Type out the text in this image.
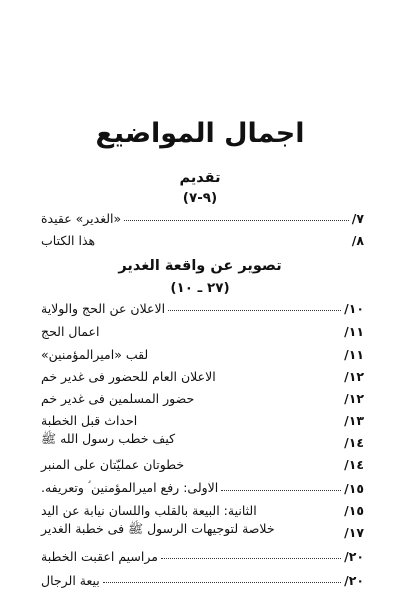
اجمال المواضيع
تقديم
(٩-٧)
٧/
«الغدير» عقيدة
٨/
هذا الكتاب
تصوير عن واقعة الغدير
(٢٧ ـ ١٠)
١٠/
الاعلان عن الحج والولاية
١١/
اعمال الحج
١١/
لقب «اميرالمؤمنين»
١٢/
الاعلان العام للحضور فى غدير خم
١٢/
حضور المسلمين فى غدير خم
١٣/
احداث قبل الخطبة
١٤/
كيف خطب رسول الله ﷺ
١٤/
خطوتان عمليّتان على المنبر
١٥/
الاولى: رفع اميرالمؤمنين ؑ وتعريفه.
١٥/
الثانية: البيعة بالقلب واللسان نيابة عن اليد
١٧/
خلاصة لتوجيهات الرسول ﷺ فى خطبة الغدير
٢٠/
مراسيم اعقبت الخطبة
٢٠/
بيعة الرجال
